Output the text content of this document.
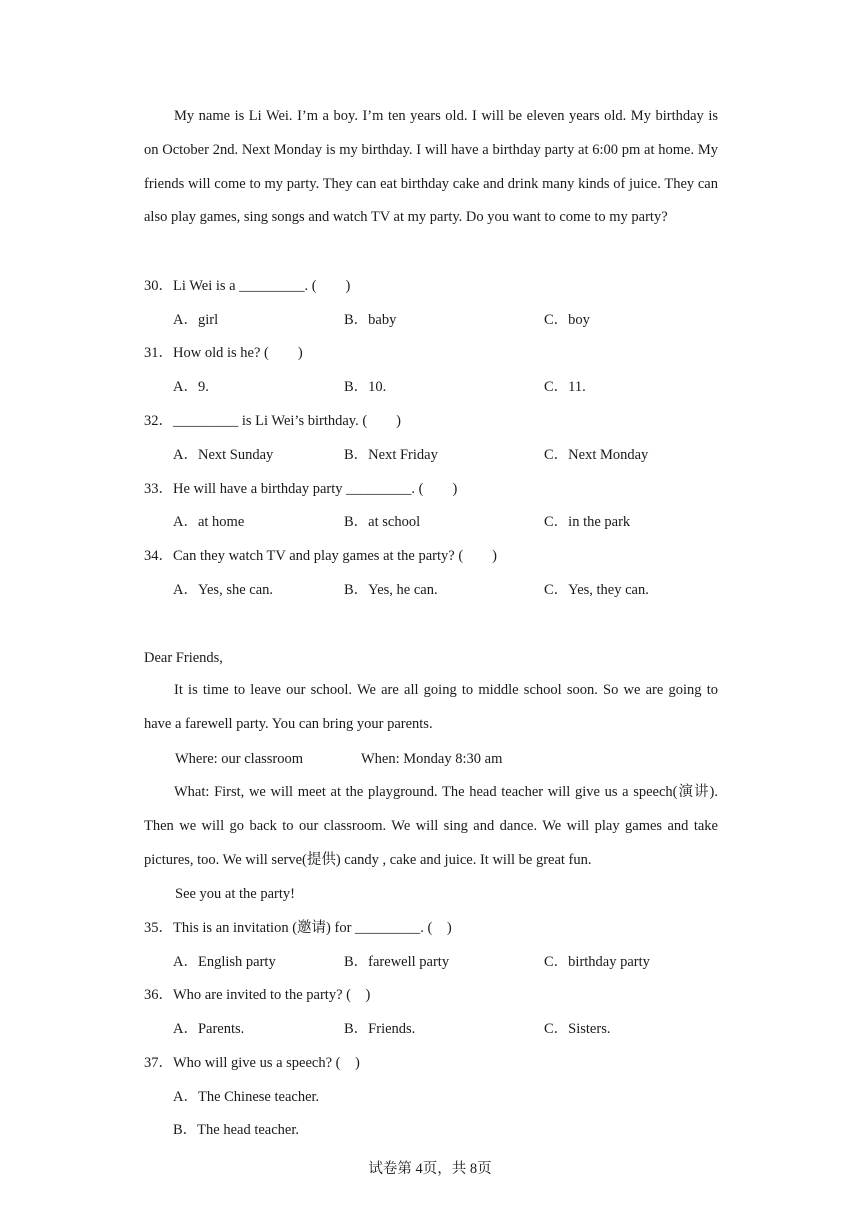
My name is Li Wei. I’m a boy. I’m ten years old. I will be eleven years old. My birthday is on October 2nd. Next Monday is my birthday. I will have a birthday party at 6:00 pm at home. My friends will come to my party. They can eat birthday cake and drink many kinds of juice. They can also play games, sing songs and watch TV at my party. Do you want to come to my party?

30．Li Wei is a _________. (　　)
A．girl	B．baby	C．boy
31．How old is he? (　　)
A．9.	B．10.	C．11.
32．_________ is Li Wei’s birthday. (　　)
A．Next Sunday	B．Next Friday	C．Next Monday
33．He will have a birthday party _________. (　　)
A．at home	B．at school	C．in the park
34．Can they watch TV and play games at the party? (　　)
A．Yes, she can.	B．Yes, he can.	C．Yes, they can.
Dear Friends,

It is time to leave our school. We are all going to middle school soon. So we are going to have a farewell party. You can bring your parents.

Where: our classroom	When: Monday 8:30 am

What: First, we will meet at the playground. The head teacher will give us a speech(演讲). Then we will go back to our classroom. We will sing and dance. We will play games and take pictures, too. We will serve(提供) candy , cake and juice. It will be great fun.

See you at the party!
35．This is an invitation (邀请) for _________. (　)
A．English party	B．farewell party	C．birthday party
36．Who are invited to the party? (　)
A．Parents.	B．Friends.	C．Sisters.
37．Who will give us a speech? (　)
A．The Chinese teacher.
B．The head teacher.
试卷第 4页，共 8页
